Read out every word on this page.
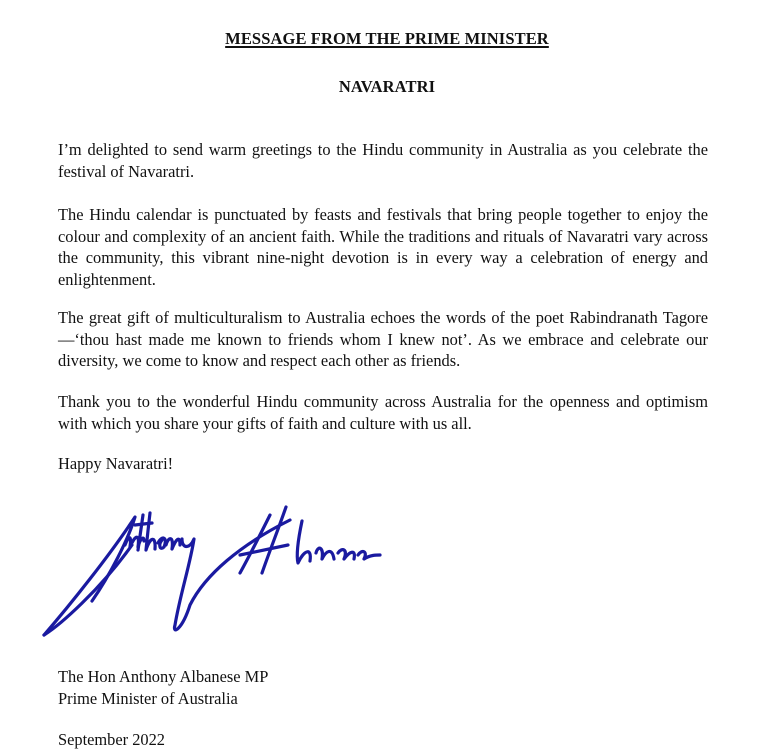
MESSAGE FROM THE PRIME MINISTER
NAVARATRI

I’m delighted to send warm greetings to the Hindu community in Australia as you celebrate the festival of Navaratri.

The Hindu calendar is punctuated by feasts and festivals that bring people together to enjoy the colour and complexity of an ancient faith. While the traditions and rituals of Navaratri vary across the community, this vibrant nine-night devotion is in every way a celebration of energy and enlightenment.

The great gift of multiculturalism to Australia echoes the words of the poet Rabindranath Tagore—‘thou hast made me known to friends whom I knew not’. As we embrace and celebrate our diversity, we come to know and respect each other as friends.

Thank you to the wonderful Hindu community across Australia for the openness and optimism with which you share your gifts of faith and culture with us all.

Happy Navaratri!

The Hon Anthony Albanese MP
Prime Minister of Australia
September 2022
